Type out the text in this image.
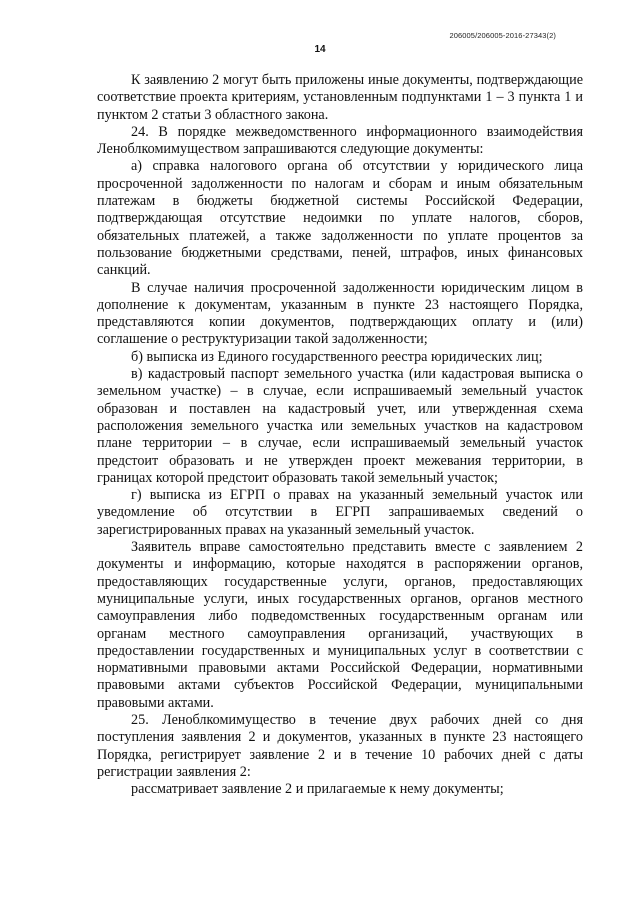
206005/206005-2016-27343(2)
14

К заявлению 2 могут быть приложены иные документы, подтверждающие соответствие проекта критериям, установленным подпунктами 1 – 3 пункта 1 и пунктом 2 статьи 3 областного закона.

24. В порядке межведомственного информационного взаимодействия Леноблкомимуществом запрашиваются следующие документы:

а) справка налогового органа об отсутствии у юридического лица просроченной задолженности по налогам и сборам и иным обязательным платежам в бюджеты бюджетной системы Российской Федерации, подтверждающая отсутствие недоимки по уплате налогов, сборов, обязательных платежей, а также задолженности по уплате процентов за пользование бюджетными средствами, пеней, штрафов, иных финансовых санкций.

В случае наличия просроченной задолженности юридическим лицом в дополнение к документам, указанным в пункте 23 настоящего Порядка, представляются копии документов, подтверждающих оплату и (или) соглашение о реструктуризации такой задолженности;

б) выписка из Единого государственного реестра юридических лиц;

в) кадастровый паспорт земельного участка (или кадастровая выписка о земельном участке) – в случае, если испрашиваемый земельный участок образован и поставлен на кадастровый учет, или утвержденная схема расположения земельного участка или земельных участков на кадастровом плане территории – в случае, если испрашиваемый земельный участок предстоит образовать и не утвержден проект межевания территории, в границах которой предстоит образовать такой земельный участок;

г) выписка из ЕГРП о правах на указанный земельный участок или уведомление об отсутствии в ЕГРП запрашиваемых сведений о зарегистрированных правах на указанный земельный участок.

Заявитель вправе самостоятельно представить вместе с заявлением 2 документы и информацию, которые находятся в распоряжении органов, предоставляющих государственные услуги, органов, предоставляющих муниципальные услуги, иных государственных органов, органов местного самоуправления либо подведомственных государственным органам или органам местного самоуправления организаций, участвующих в предоставлении государственных и муниципальных услуг в соответствии с нормативными правовыми актами Российской Федерации, нормативными правовыми актами субъектов Российской Федерации, муниципальными правовыми актами.

25. Леноблкомимущество в течение двух рабочих дней со дня поступления заявления 2 и документов, указанных в пункте 23 настоящего Порядка, регистрирует заявление 2 и в течение 10 рабочих дней с даты регистрации заявления 2:

рассматривает заявление 2 и прилагаемые к нему документы;
